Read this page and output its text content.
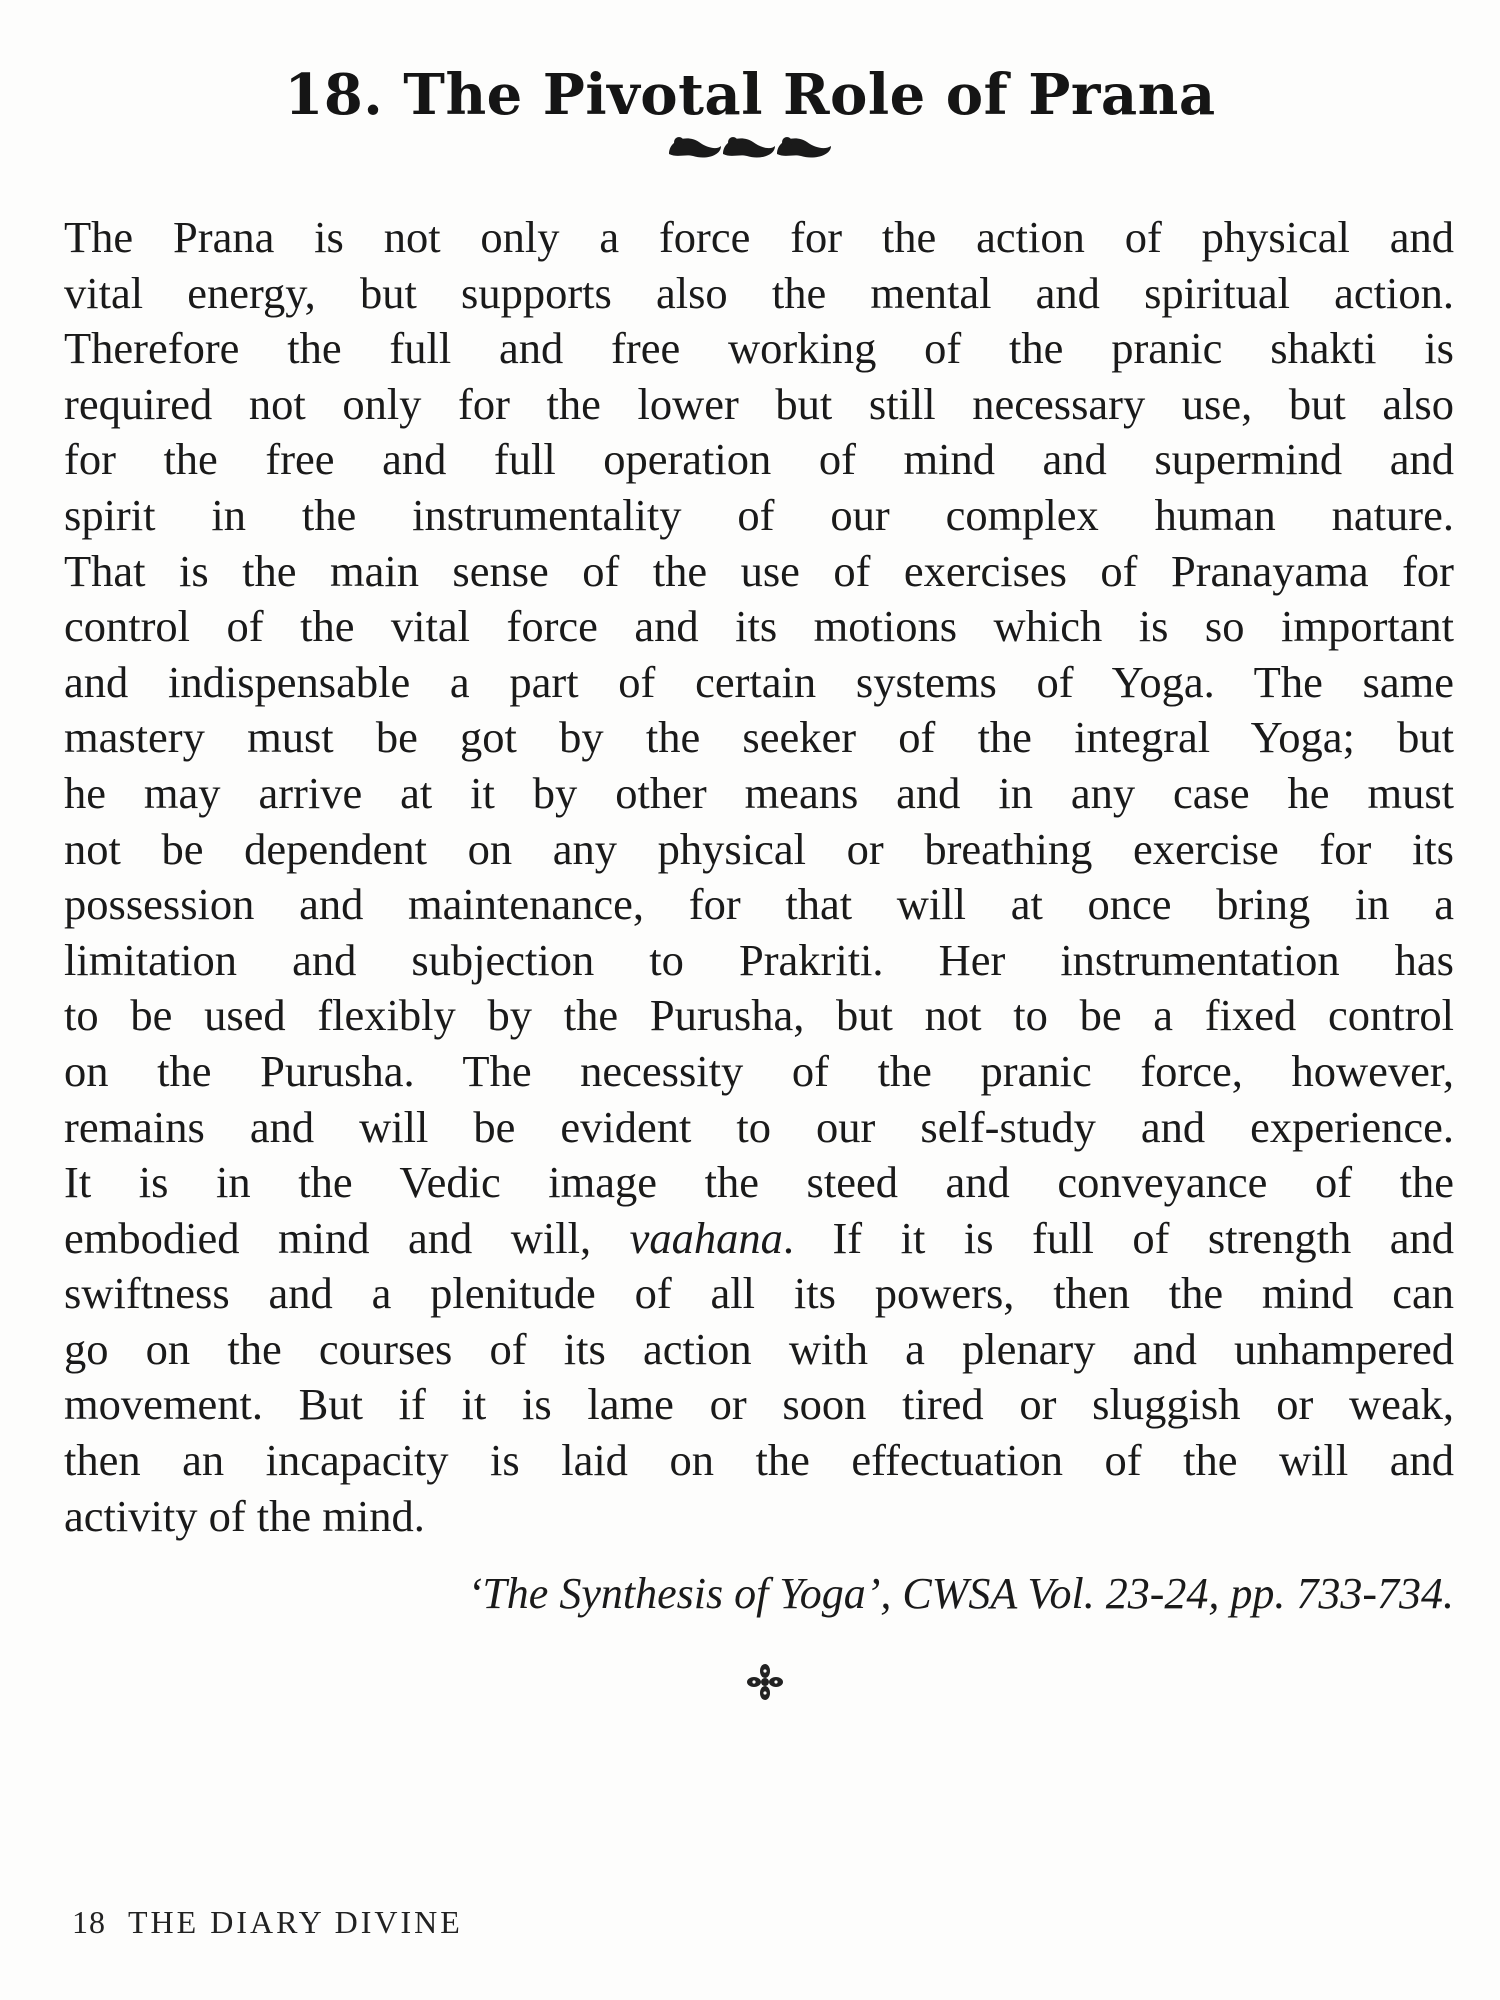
18. The Pivotal Role of Prana
The Prana is not only a force for the action of physical and
vital energy, but supports also the mental and spiritual action.
Therefore the full and free working of the pranic shakti is
required not only for the lower but still necessary use, but also
for the free and full operation of mind and supermind and
spirit in the instrumentality of our complex human nature.
That is the main sense of the use of exercises of Pranayama for
control of the vital force and its motions which is so important
and indispensable a part of certain systems of Yoga. The same
mastery must be got by the seeker of the integral Yoga; but
he may arrive at it by other means and in any case he must
not be dependent on any physical or breathing exercise for its
possession and maintenance, for that will at once bring in a
limitation and subjection to Prakriti. Her instrumentation has
to be used flexibly by the Purusha, but not to be a fixed control
on the Purusha. The necessity of the pranic force, however,
remains and will be evident to our self-study and experience.
It is in the Vedic image the steed and conveyance of the
embodied mind and will, vaahana. If it is full of strength and
swiftness and a plenitude of all its powers, then the mind can
go on the courses of its action with a plenary and unhampered
movement. But if it is lame or soon tired or sluggish or weak,
then an incapacity is laid on the effectuation of the will and
activity of the mind.
‘The Synthesis of Yoga’, CWSA Vol. 23-24, pp. 733-734.
18 THE DIARY DIVINE
